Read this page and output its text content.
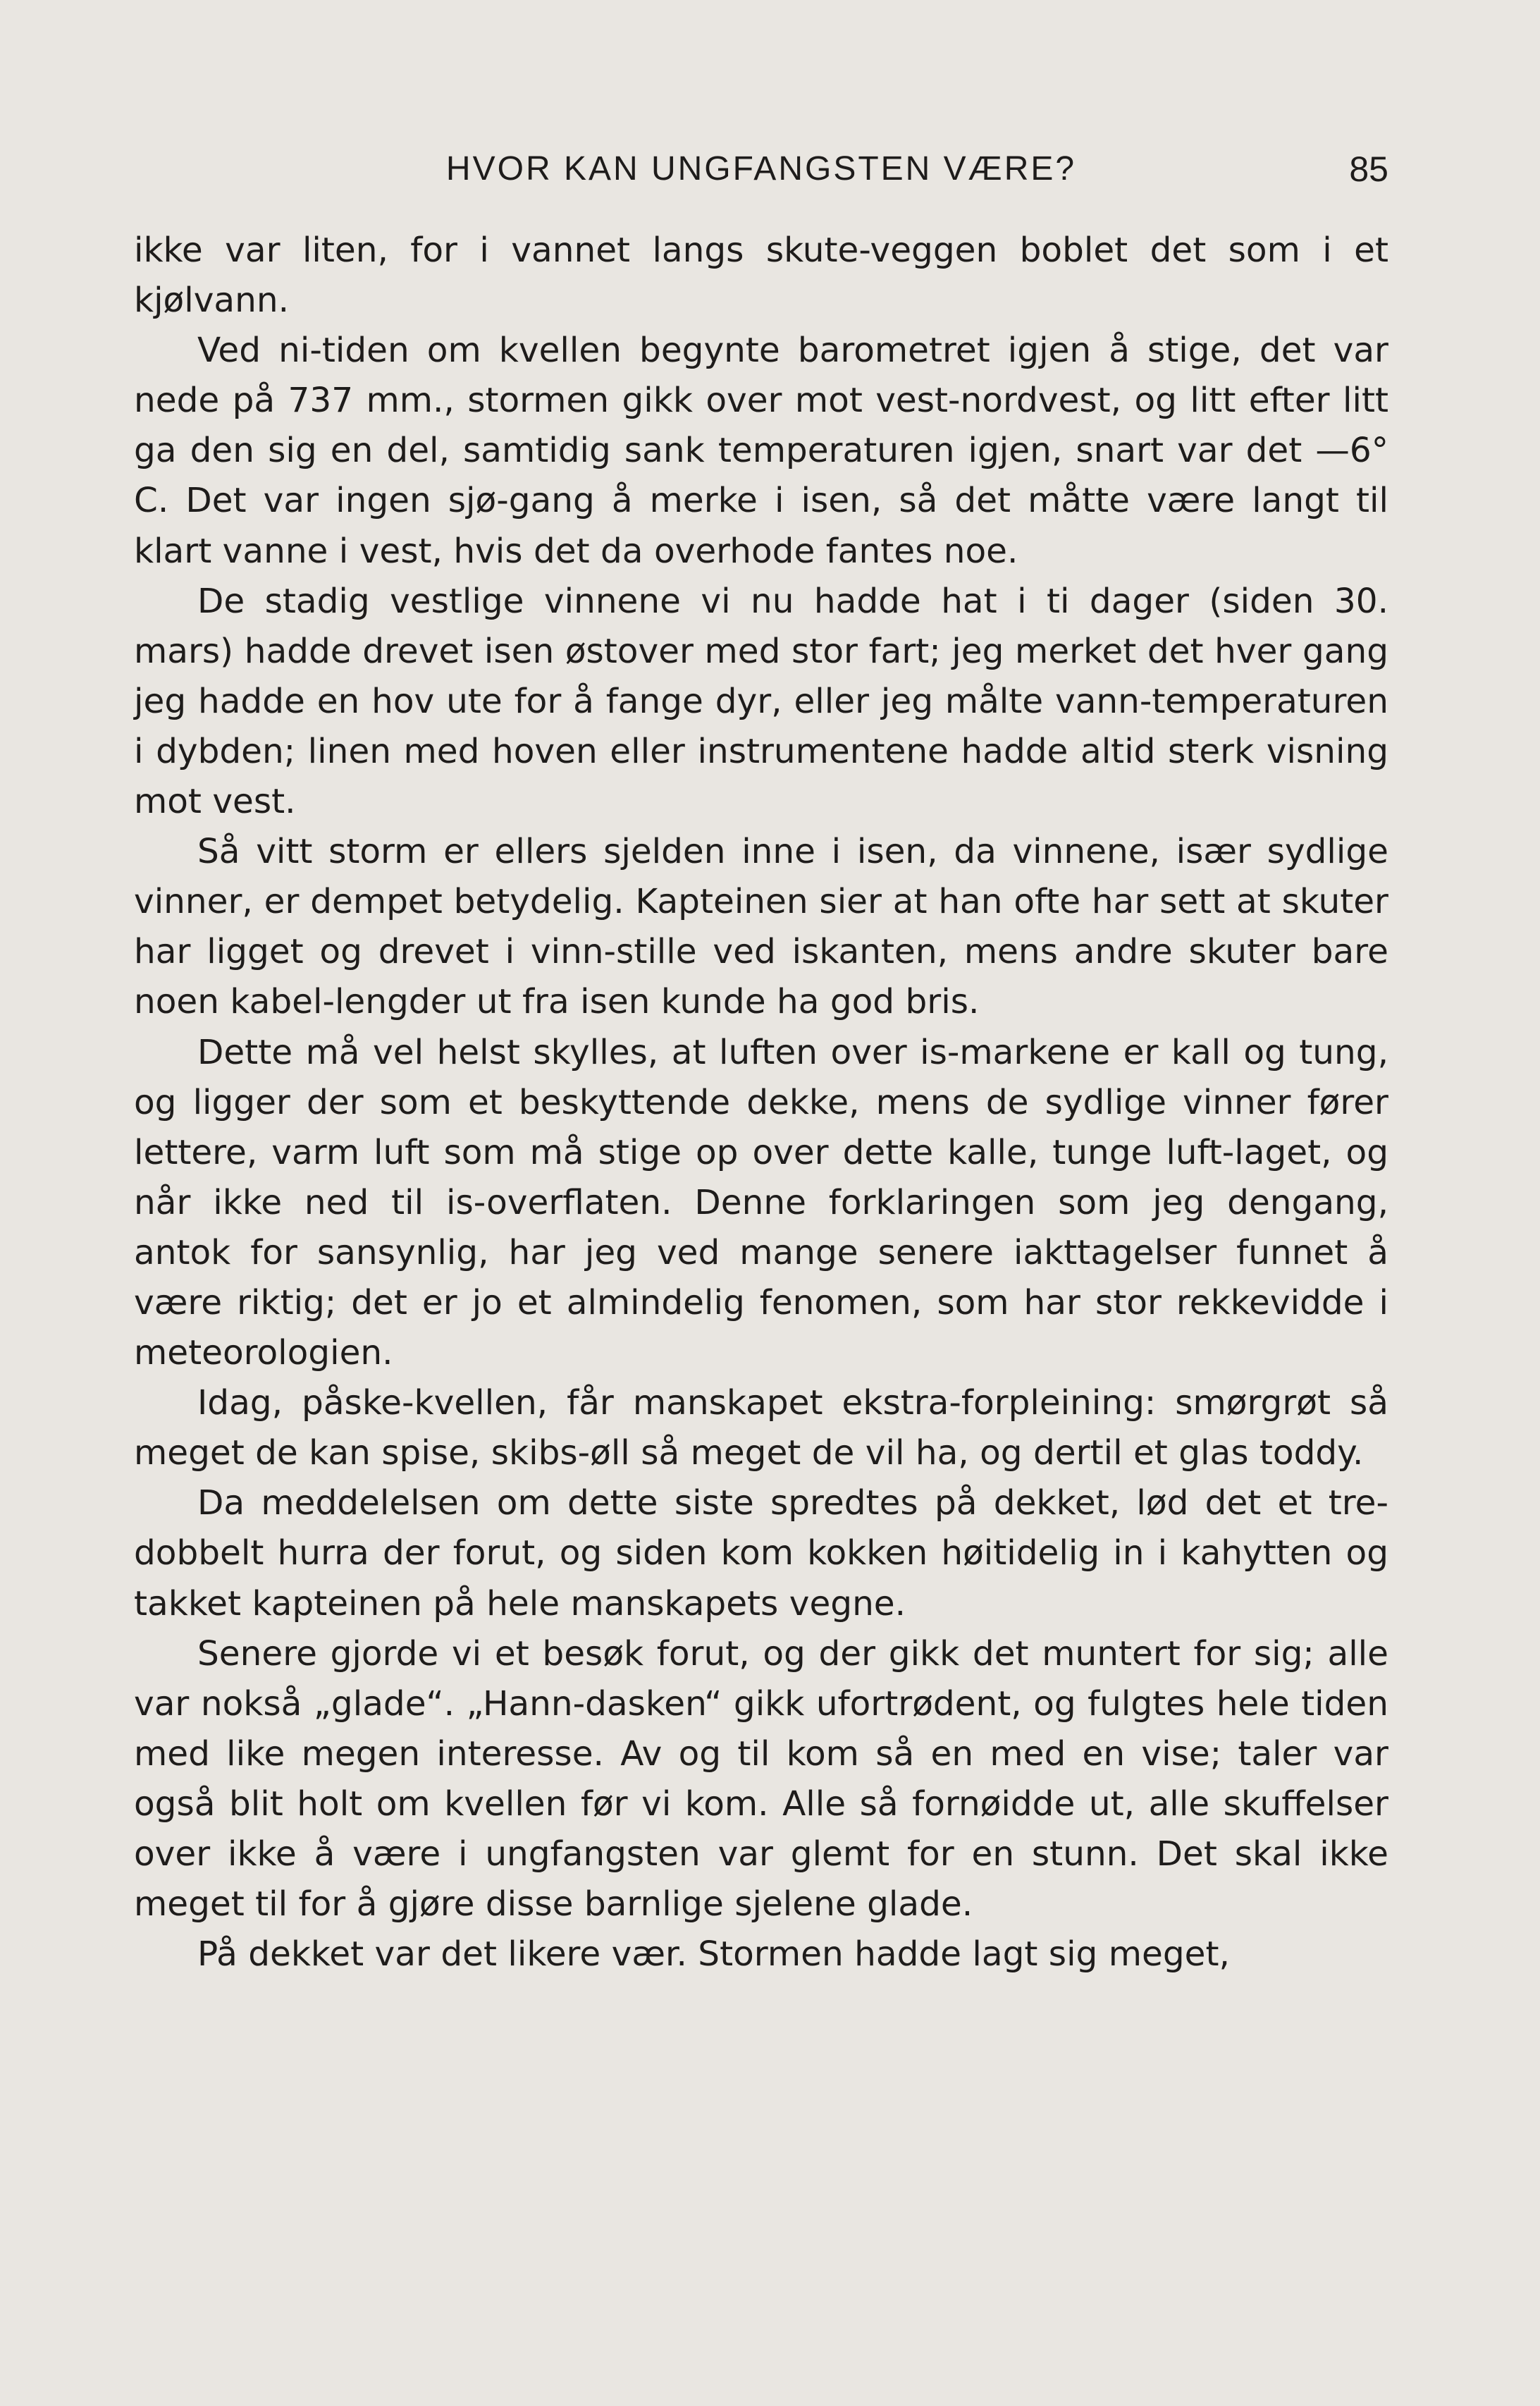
HVOR KAN UNGFANGSTEN VÆRE?	85

ikke var liten, for i vannet langs skute-veggen boblet det som i et kjølvann.

Ved ni-tiden om kvellen begynte barometret igjen å stige, det var nede på 737 mm., stormen gikk over mot vest-nordvest, og litt efter litt ga den sig en del, samtidig sank temperaturen igjen, snart var det —6° C. Det var ingen sjø-gang å merke i isen, så det måtte være langt til klart vanne i vest, hvis det da overhode fantes noe.

De stadig vestlige vinnene vi nu hadde hat i ti dager (siden 30. mars) hadde drevet isen østover med stor fart; jeg merket det hver gang jeg hadde en hov ute for å fange dyr, eller jeg målte vann-temperaturen i dybden; linen med hoven eller instrumentene hadde altid sterk visning mot vest.

Så vitt storm er ellers sjelden inne i isen, da vinnene, især sydlige vinner, er dempet betydelig. Kapteinen sier at han ofte har sett at skuter har ligget og drevet i vinn-stille ved iskanten, mens andre skuter bare noen kabel-lengder ut fra isen kunde ha god bris.

Dette må vel helst skylles, at luften over is-markene er kall og tung, og ligger der som et beskyttende dekke, mens de sydlige vinner fører lettere, varm luft som må stige op over dette kalle, tunge luft-laget, og når ikke ned til is-overflaten. Denne forklaringen som jeg dengang, antok for sansynlig, har jeg ved mange senere iakttagelser funnet å være riktig; det er jo et almindelig fenomen, som har stor rekkevidde i meteorologien.

Idag, påske-kvellen, får manskapet ekstra-forpleining: smørgrøt så meget de kan spise, skibs-øll så meget de vil ha, og dertil et glas toddy.

Da meddelelsen om dette siste spredtes på dekket, lød det et tre-dobbelt hurra der forut, og siden kom kokken høitidelig in i kahytten og takket kapteinen på hele manskapets vegne.

Senere gjorde vi et besøk forut, og der gikk det muntert for sig; alle var nokså „glade“. „Hann-dasken“ gikk ufortrødent, og fulgtes hele tiden med like megen interesse. Av og til kom så en med en vise; taler var også blit holt om kvellen før vi kom. Alle så fornøidde ut, alle skuffelser over ikke å være i ungfangsten var glemt for en stunn. Det skal ikke meget til for å gjøre disse barnlige sjelene glade.

På dekket var det likere vær. Stormen hadde lagt sig meget,
